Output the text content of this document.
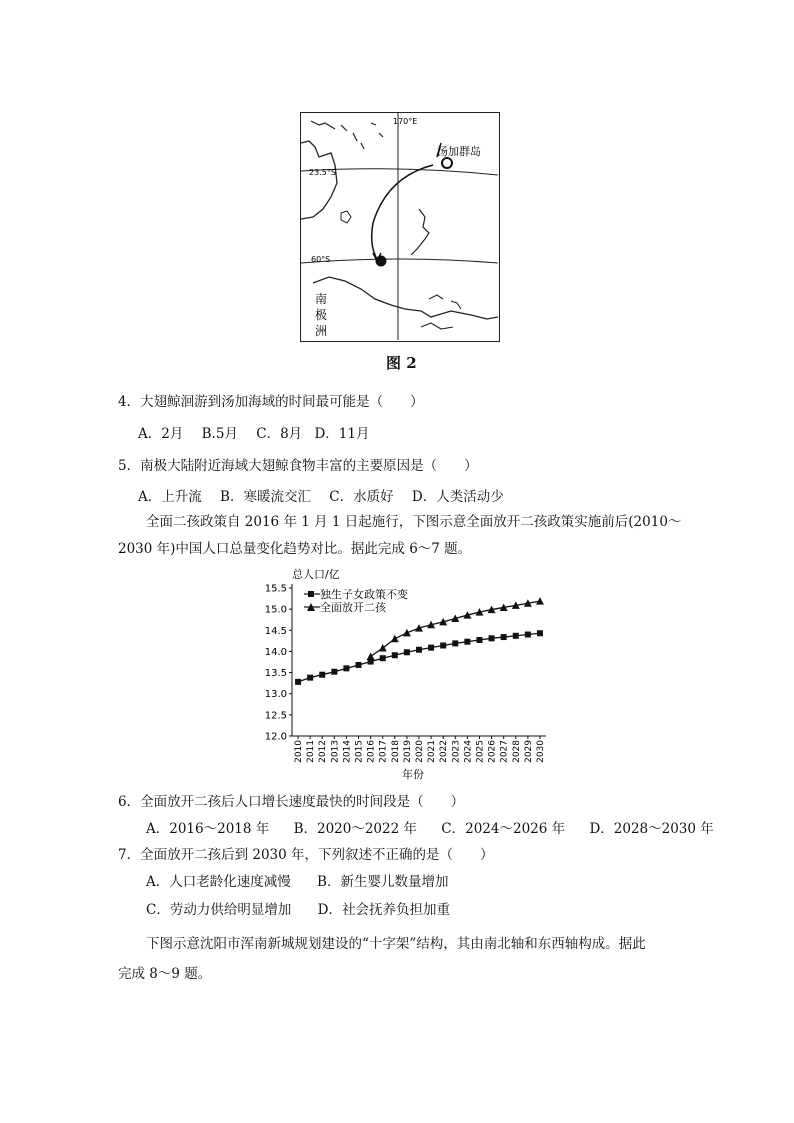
170°E
23.5°S
60°S
汤加群岛
南
极
洲
图 2
4．大翅鲸洄游到汤加海域的时间最可能是（　　）
A．2月 B.5月 C．8月 D．11月
5．南极大陆附近海域大翅鲸食物丰富的主要原因是（　　）
A．上升流 B．寒暖流交汇 C．水质好 D．人类活动少
全面二孩政策自 2016 年 1 月 1 日起施行，下图示意全面放开二孩政策实施前后(2010～
2030 年)中国人口总量变化趋势对比。据此完成 6～7 题。
总人口/亿
12.0
12.5
13.0
13.5
14.0
14.5
15.0
15.5
2010 2011 2012 2013 2014 2015 2016 2017 2018 2019 2020 2021 2022 2023 2024 2025 2026 2027 2028 2029 2030
独生子女政策不变
全面放开二孩
年份
6．全面放开二孩后人口增长速度最快的时间段是（　　）
A．2016～2018 年 B．2020～2022 年 C．2024～2026 年 D．2028～2030 年
7．全面放开二孩后到 2030 年，下列叙述不正确的是（　　）
A．人口老龄化速度减慢 B．新生婴儿数量增加
C．劳动力供给明显增加 D．社会抚养负担加重
下图示意沈阳市浑南新城规划建设的“十字架”结构，其由南北轴和东西轴构成。据此
完成 8～9 题。
